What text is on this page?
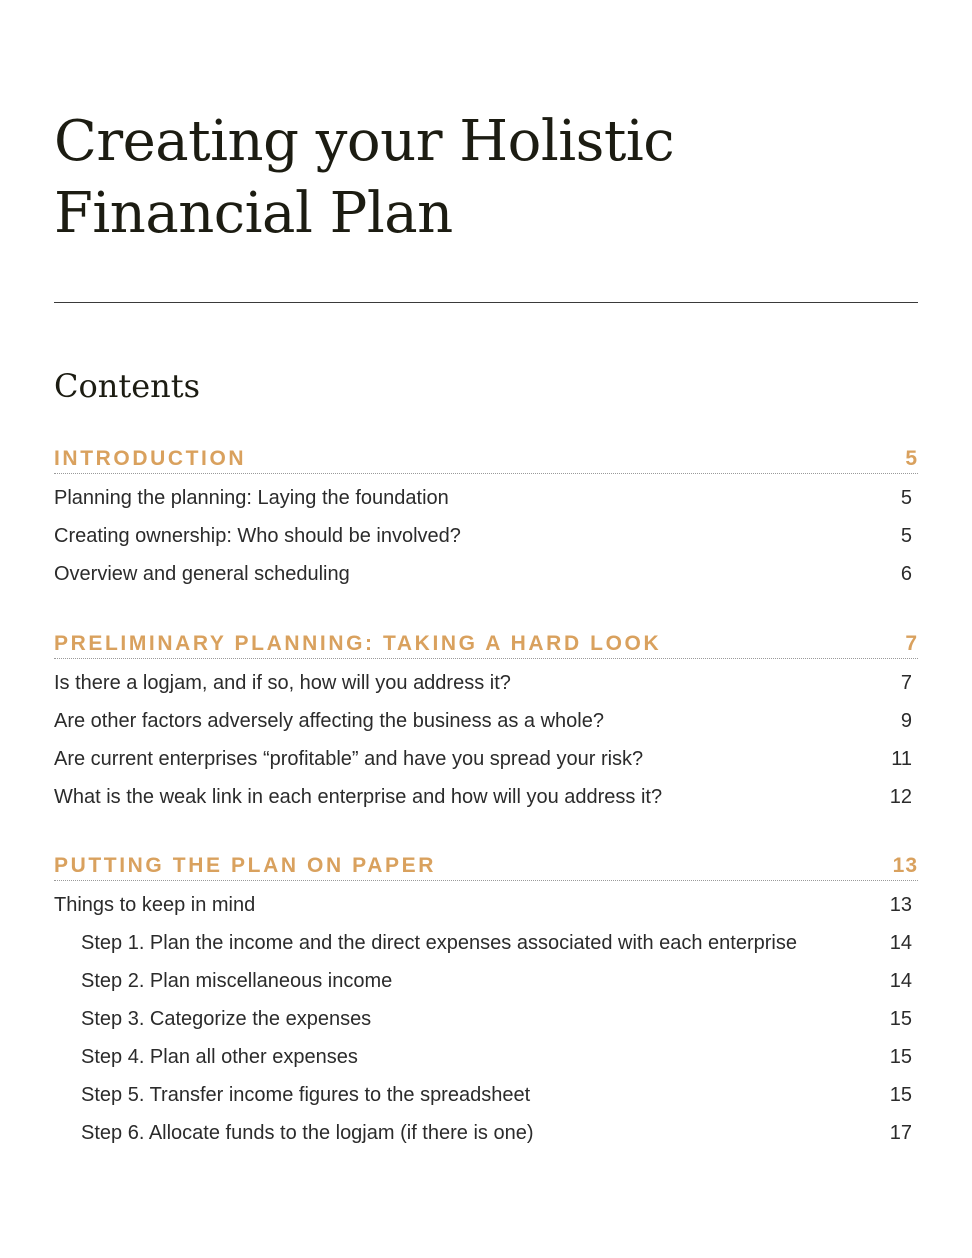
Creating your Holistic
Financial Plan
Contents
INTRODUCTION	5
Planning the planning: Laying the foundation	5
Creating ownership: Who should be involved?	5
Overview and general scheduling	6
PRELIMINARY PLANNING: TAKING A HARD LOOK	7
Is there a logjam, and if so, how will you address it?	7
Are other factors adversely affecting the business as a whole?	9
Are current enterprises “profitable” and have you spread your risk?	11
What is the weak link in each enterprise and how will you address it?	12
PUTTING THE PLAN ON PAPER	13
Things to keep in mind	13
Step 1. Plan the income and the direct expenses associated with each enterprise	14
Step 2. Plan miscellaneous income	14
Step 3. Categorize the expenses	15
Step 4. Plan all other expenses	15
Step 5. Transfer income figures to the spreadsheet	15
Step 6. Allocate funds to the logjam (if there is one)	17
